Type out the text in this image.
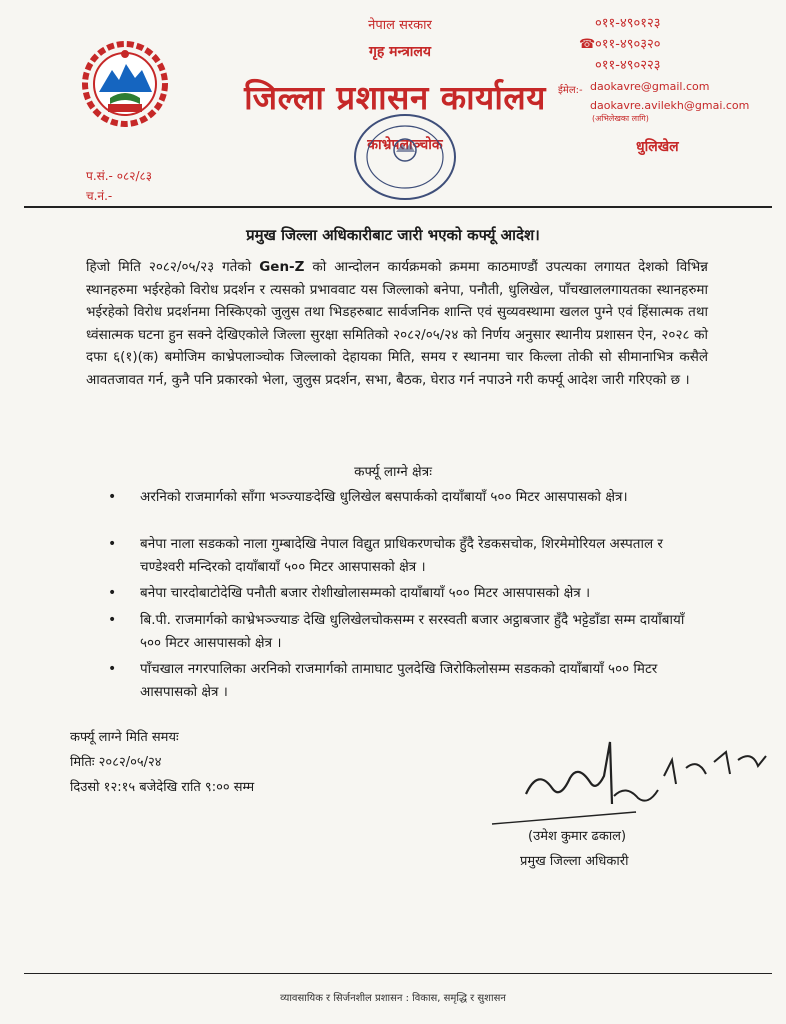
नेपाल सरकार
गृह मन्त्रालय
जिल्ला प्रशासन कार्यालय
काभ्रेपलाञ्चोक
☎
०११-४९०१२३
०११-४९०३२०
०११-४९०२२३
ईमेल:- daokavre@gmail.com
daokavre.avilekh@gmai.com
(अभिलेखका लागि)
धुलिखेल
प.सं.- ०८२/८३
च.नं.-
प्रमुख जिल्ला अधिकारीबाट जारी भएको कर्फ्यू आदेश।
हिजो मिति २०८२/०५/२३ गतेको Gen-Z को आन्दोलन कार्यक्रमको क्रममा काठमाण्डौं उपत्यका लगायत देशको विभिन्न स्थानहरुमा भईरहेको विरोध प्रदर्शन र त्यसको प्रभाववाट यस जिल्लाको बनेपा, पनौती, धुलिखेल, पाँचखाललगायतका स्थानहरुमा भईरहेको विरोध प्रदर्शनमा निस्किएको जुलुस तथा भिडहरुबाट सार्वजनिक शान्ति एवं सुव्यवस्थामा खलल पुग्ने एवं हिंसात्मक तथा ध्वंसात्मक घटना हुन सक्ने देखिएकोले जिल्ला सुरक्षा समितिको २०८२/०५/२४ को निर्णय अनुसार स्थानीय प्रशासन ऐन, २०२८ को दफा ६(१)(क) बमोजिम काभ्रेपलाञ्चोक जिल्लाको देहायका मिति, समय र स्थानमा चार किल्ला तोकी सो सीमानाभित्र कसैले आवतजावत गर्न, कुनै पनि प्रकारको भेला, जुलुस प्रदर्शन, सभा, बैठक, घेराउ गर्न नपाउने गरी कर्फ्यू आदेश जारी गरिएको छ ।
कर्फ्यू लाग्ने क्षेत्रः
• अरनिको राजमार्गको साँगा भञ्ज्याङदेखि धुलिखेल बसपार्कको दायाँबायाँ ५०० मिटर आसपासको क्षेत्र।
• बनेपा नाला सडकको नाला गुम्बादेखि नेपाल विद्युत प्राधिकरणचोक हुँदै रेडकसचोक, शिरमेमोरियल अस्पताल र चण्डेश्वरी मन्दिरको दायाँबायाँ ५०० मिटर आसपासको क्षेत्र ।
• बनेपा चारदोबाटोदेखि पनौती बजार रोशीखोलासम्मको दायाँबायाँ ५०० मिटर आसपासको क्षेत्र ।
• बि.पी. राजमार्गको काभ्रेभञ्ज्याङ देखि धुलिखेलचोकसम्म र सरस्वती बजार अट्ठाबजार हुँदै भट्टेडाँडा सम्म दायाँबायाँ ५०० मिटर आसपासको क्षेत्र ।
• पाँचखाल नगरपालिका अरनिको राजमार्गको तामाघाट पुलदेखि जिरोकिलोसम्म सडकको दायाँबायाँ ५०० मिटर आसपासको क्षेत्र ।
कर्फ्यू लाग्ने मिति समयः
मितिः २०८२/०५/२४
दिउसो १२:१५ बजेदेखि राति ९:०० सम्म
(उमेश कुमार ढकाल)
प्रमुख जिल्ला अधिकारी
व्यावसायिक र सिर्जनशील प्रशासन : विकास, समृद्धि र सुशासन
